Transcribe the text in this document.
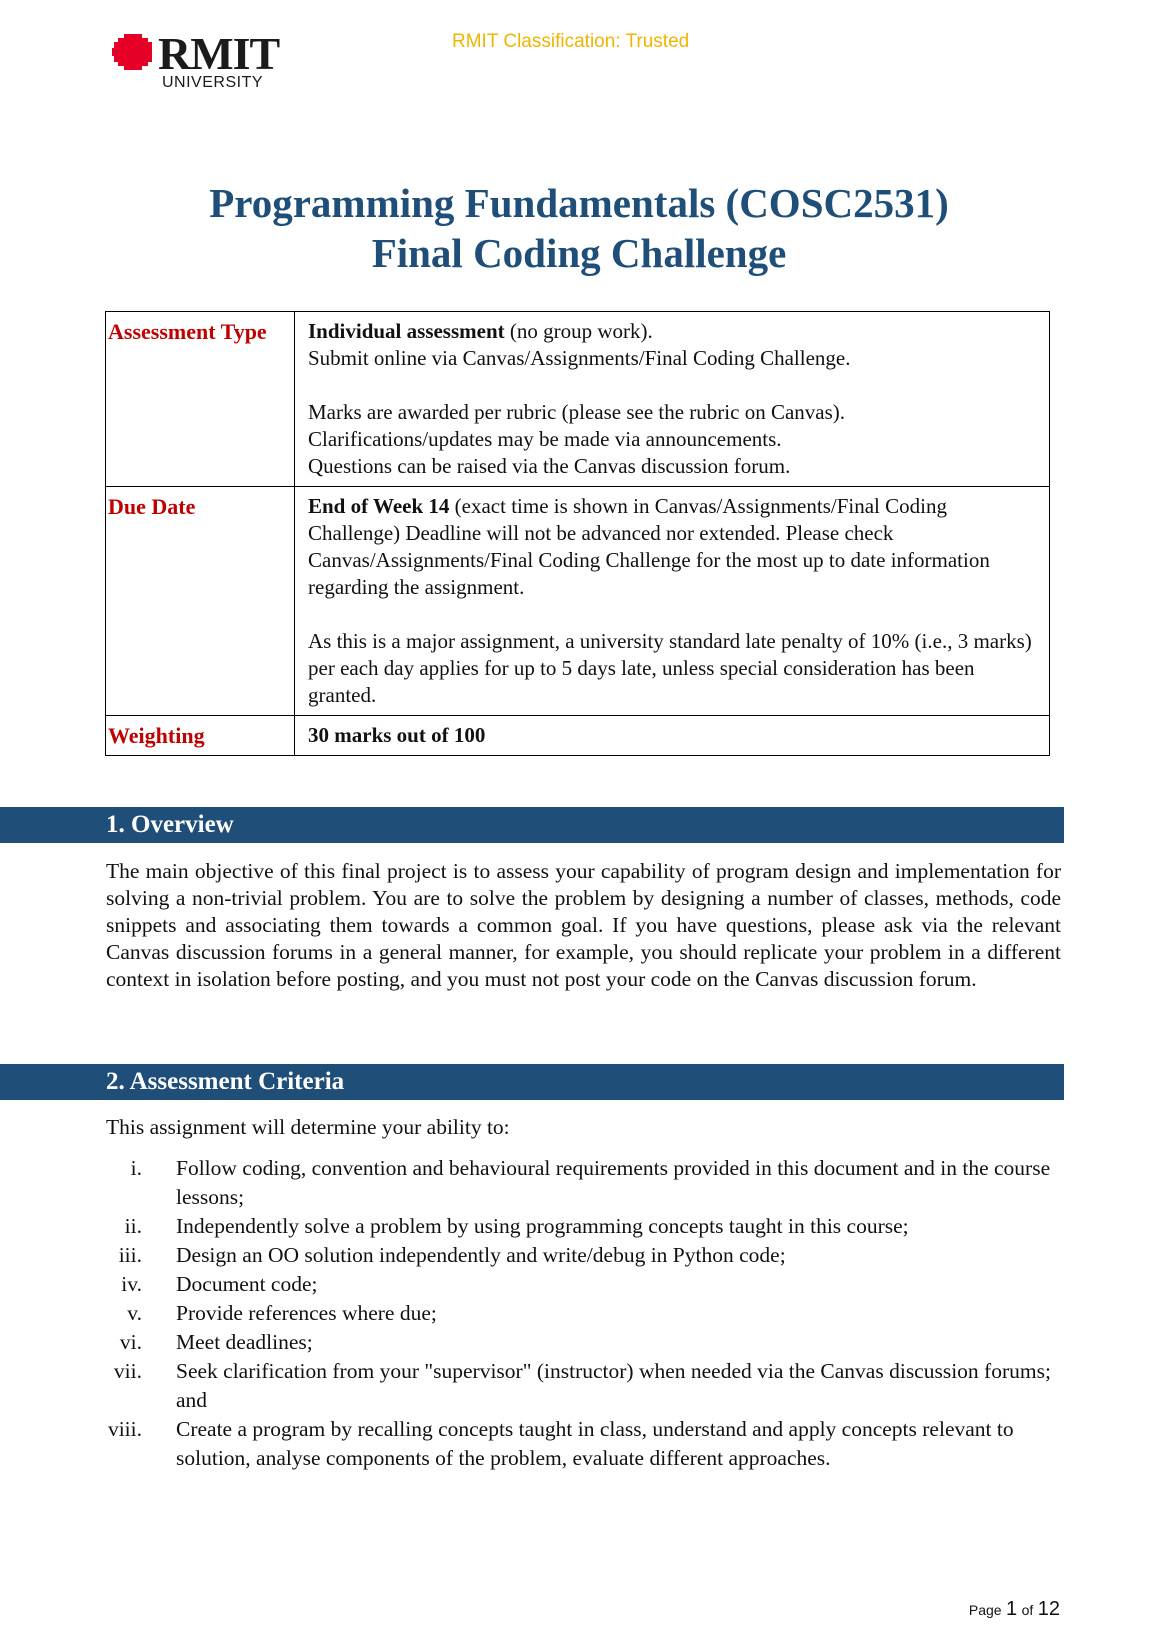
RMIT
UNIVERSITY
RMIT Classification: Trusted
Programming Fundamentals (COSC2531)
Final Coding Challenge
Assessment Type	Individual assessment (no group work).

Submit online via Canvas/Assignments/Final Coding Challenge.

Marks are awarded per rubric (please see the rubric on Canvas).

Clarifications/updates may be made via announcements.

Questions can be raised via the Canvas discussion forum.

Due Date	End of Week 14 (exact time is shown in Canvas/Assignments/Final Coding Challenge) Deadline will not be advanced nor extended. Please check Canvas/Assignments/Final Coding Challenge for the most up to date information regarding the assignment.

As this is a major assignment, a university standard late penalty of 10% (i.e., 3 marks) per each day applies for up to 5 days late, unless special consideration has been granted.

Weighting	30 marks out of 100
1. Overview

The main objective of this final project is to assess your capability of program design and implementation for solving a non-trivial problem. You are to solve the problem by designing a number of classes, methods, code snippets and associating them towards a common goal. If you have questions, please ask via the relevant Canvas discussion forums in a general manner, for example, you should replicate your problem in a different context in isolation before posting, and you must not post your code on the Canvas discussion forum.

2. Assessment Criteria

This assignment will determine your ability to:

i. Follow coding, convention and behavioural requirements provided in this document and in the course lessons;
ii. Independently solve a problem by using programming concepts taught in this course;
iii. Design an OO solution independently and write/debug in Python code;
iv. Document code;
v. Provide references where due;
vi. Meet deadlines;
vii. Seek clarification from your "supervisor" (instructor) when needed via the Canvas discussion forums; and
viii. Create a program by recalling concepts taught in class, understand and apply concepts relevant to solution, analyse components of the problem, evaluate different approaches.
Page 1 of 12
